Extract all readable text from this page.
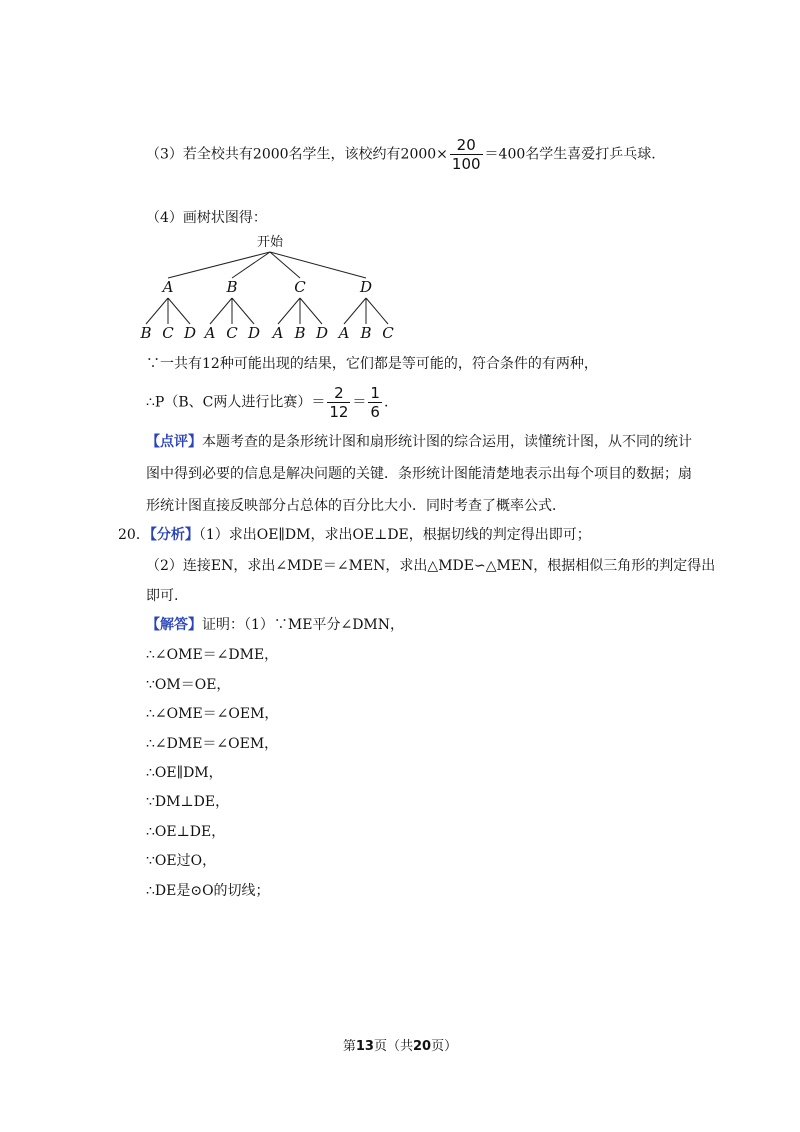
（3）若全校共有2000名学生，该校约有$2000\times \frac{20}{100} =400$名学生喜爱打乒乓球.
（4）画树状图得：
开始
A
B C D
B
A C D
C
A B D
D
A B C
∵一共有12种可能出现的结果，它们都是等可能的，符合条件的有两种，
∴P（B、C两人进行比赛）＝ $\frac{2}{12} = \frac{1}{6}$ .
【点评】本题考查的是条形统计图和扇形统计图的综合运用，读懂统计图，从不同的统计
图中得到必要的信息是解决问题的关键．条形统计图能清楚地表示出每个项目的数据；扇
形统计图直接反映部分占总体的百分比大小．同时考查了概率公式．
20．【分析】（1）求出OE∥DM，求出OE⊥DE，根据切线的判定得出即可；
（2）连接EN，求出∠MDE＝∠MEN，求出△MDE∽△MEN，根据相似三角形的判定得出
即可.
【解答】证明：（1）∵ME平分∠DMN，
∴∠OME＝∠DME，
∵OM＝OE，
∴∠OME＝∠OEM，
∴∠DME＝∠OEM，
∴OE∥DM，
∵DM⊥DE，
∴OE⊥DE，
∵OE过O，
∴DE是⊙O的切线；
第13页（共20页）
